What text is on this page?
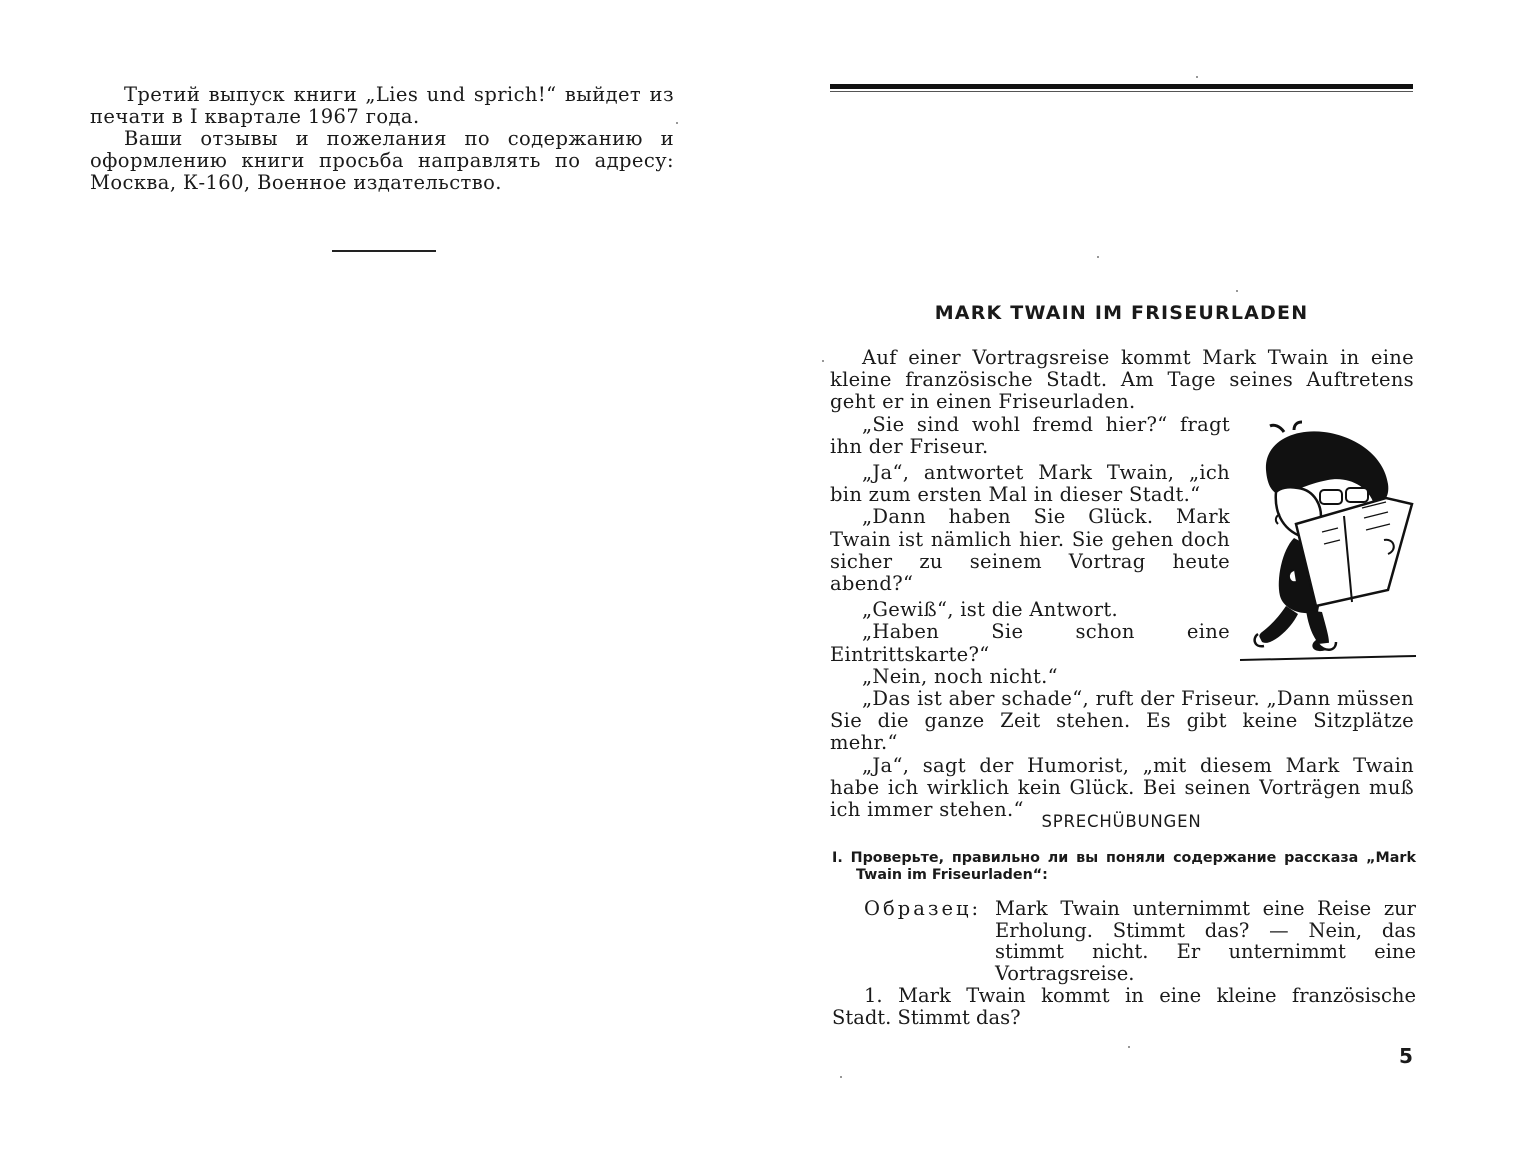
Третий выпуск книги „Lies und sprich!“ выйдет из печати в I квартале 1967 года.

Ваши отзывы и пожелания по содержанию и оформлению книги просьба направлять по адресу: Москва, К-160, Военное издательство.

MARK TWAIN IM FRISEURLADEN

Auf einer Vortragsreise kommt Mark Twain in eine kleine französische Stadt. Am Tage seines Auftretens geht er in einen Friseurladen.

„Sie sind wohl fremd hier?“ fragt ihn der Friseur.

„Ja“, antwortet Mark Twain, „ich bin zum ersten Mal in dieser Stadt.“

„Dann haben Sie Glück. Mark Twain ist nämlich hier. Sie gehen doch sicher zu seinem Vortrag heute abend?“

„Gewiß“, ist die Antwort.

„Haben Sie schon eine Eintrittskarte?“

„Nein, noch nicht.“

„Das ist aber schade“, ruft der Friseur. „Dann müssen Sie die ganze Zeit stehen. Es gibt keine Sitzplätze mehr.“

„Ja“, sagt der Humorist, „mit diesem Mark Twain habe ich wirklich kein Glück. Bei seinen Vorträgen muß ich immer stehen.“

SPRECHÜBUNGEN
I. Проверьте, правильно ли вы поняли содержание рассказа „Mark Twain im Friseurladen“:
Образец: Mark Twain unternimmt eine Reise zur Erholung. Stimmt das? — Nein, das stimmt nicht. Er unternimmt eine Vortragsreise.
1. Mark Twain kommt in eine kleine französische Stadt. Stimmt das?
5
